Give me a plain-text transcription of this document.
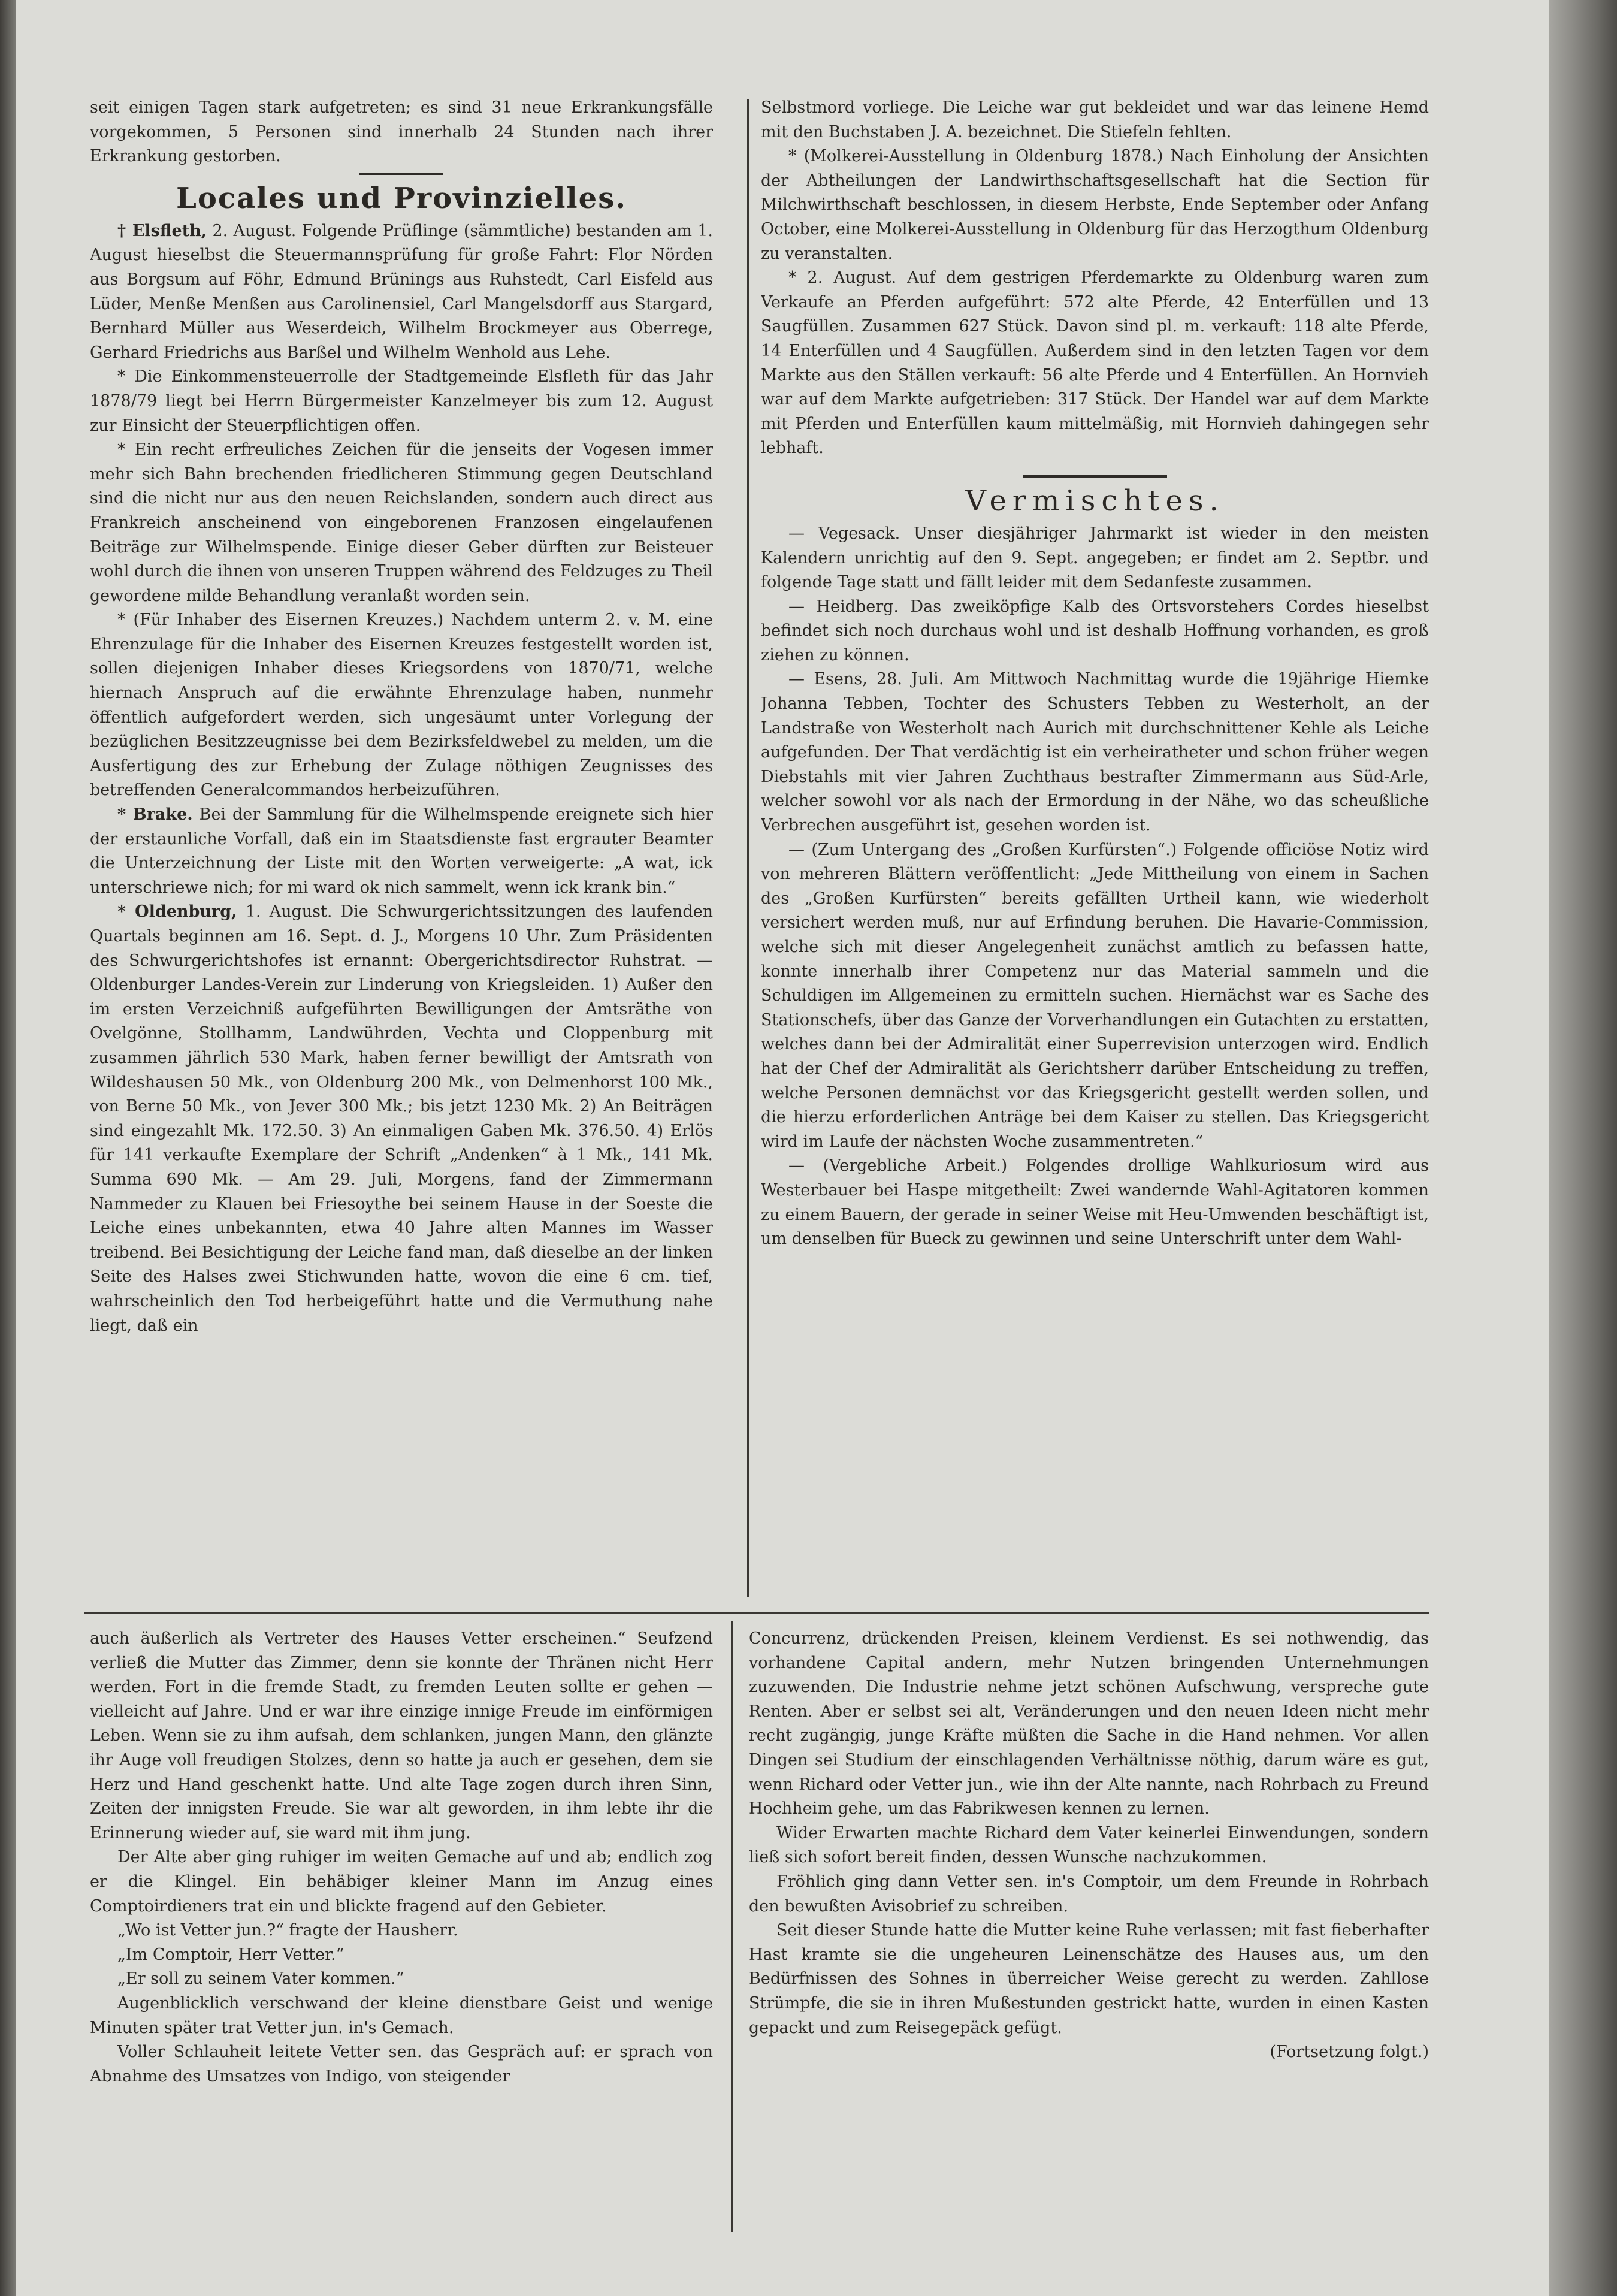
seit einigen Tagen stark aufgetreten; es sind 31 neue Erkrankungsfälle vorgekommen, 5 Personen sind innerhalb 24 Stunden nach ihrer Erkrankung gestorben.

Locales und Provinzielles.

† Elsfleth, 2. August. Folgende Prüflinge (sämmtliche) bestanden am 1. August hieselbst die Steuermannsprüfung für große Fahrt: Flor Nörden aus Borgsum auf Föhr, Edmund Brünings aus Ruhstedt, Carl Eisfeld aus Lüder, Menße Menßen aus Carolinensiel, Carl Mangelsdorff aus Stargard, Bernhard Müller aus Weserdeich, Wilhelm Brockmeyer aus Oberrege, Gerhard Friedrichs aus Barßel und Wilhelm Wenhold aus Lehe.

* Die Einkommensteuerrolle der Stadtgemeinde Elsfleth für das Jahr 1878/79 liegt bei Herrn Bürgermeister Kanzelmeyer bis zum 12. August zur Einsicht der Steuerpflichtigen offen.

* Ein recht erfreuliches Zeichen für die jenseits der Vogesen immer mehr sich Bahn brechenden friedlicheren Stimmung gegen Deutschland sind die nicht nur aus den neuen Reichslanden, sondern auch direct aus Frankreich anscheinend von eingeborenen Franzosen eingelaufenen Beiträge zur Wilhelmspende. Einige dieser Geber dürften zur Beisteuer wohl durch die ihnen von unseren Truppen während des Feldzuges zu Theil gewordene milde Behandlung veranlaßt worden sein.

* (Für Inhaber des Eisernen Kreuzes.) Nachdem unterm 2. v. M. eine Ehrenzulage für die Inhaber des Eisernen Kreuzes festgestellt worden ist, sollen diejenigen Inhaber dieses Kriegsordens von 1870/71, welche hiernach Anspruch auf die erwähnte Ehrenzulage haben, nunmehr öffentlich aufgefordert werden, sich ungesäumt unter Vorlegung der bezüglichen Besitzzeugnisse bei dem Bezirksfeldwebel zu melden, um die Ausfertigung des zur Erhebung der Zulage nöthigen Zeugnisses des betreffenden Generalcommandos herbeizuführen.

* Brake. Bei der Sammlung für die Wilhelmspende ereignete sich hier der erstaunliche Vorfall, daß ein im Staatsdienste fast ergrauter Beamter die Unterzeichnung der Liste mit den Worten verweigerte: „A wat, ick unterschriewe nich; for mi ward ok nich sammelt, wenn ick krank bin.“

* Oldenburg, 1. August. Die Schwurgerichtssitzungen des laufenden Quartals beginnen am 16. Sept. d. J., Morgens 10 Uhr. Zum Präsidenten des Schwurgerichtshofes ist ernannt: Obergerichtsdirector Ruhstrat. — Oldenburger Landes-Verein zur Linderung von Kriegsleiden. 1) Außer den im ersten Verzeichniß aufgeführten Bewilligungen der Amtsräthe von Ovelgönne, Stollhamm, Landwührden, Vechta und Cloppenburg mit zusammen jährlich 530 Mark, haben ferner bewilligt der Amtsrath von Wildeshausen 50 Mk., von Oldenburg 200 Mk., von Delmenhorst 100 Mk., von Berne 50 Mk., von Jever 300 Mk.; bis jetzt 1230 Mk. 2) An Beiträgen sind eingezahlt Mk. 172.50. 3) An einmaligen Gaben Mk. 376.50. 4) Erlös für 141 verkaufte Exemplare der Schrift „Andenken“ à 1 Mk., 141 Mk. Summa 690 Mk. — Am 29. Juli, Morgens, fand der Zimmermann Nammeder zu Klauen bei Friesoythe bei seinem Hause in der Soeste die Leiche eines unbekannten, etwa 40 Jahre alten Mannes im Wasser treibend. Bei Besichtigung der Leiche fand man, daß dieselbe an der linken Seite des Halses zwei Stichwunden hatte, wovon die eine 6 cm. tief, wahrscheinlich den Tod herbeigeführt hatte und die Vermuthung nahe liegt, daß ein

Selbstmord vorliege. Die Leiche war gut bekleidet und war das leinene Hemd mit den Buchstaben J. A. bezeichnet. Die Stiefeln fehlten.

* (Molkerei-Ausstellung in Oldenburg 1878.) Nach Einholung der Ansichten der Abtheilungen der Landwirthschaftsgesellschaft hat die Section für Milchwirthschaft beschlossen, in diesem Herbste, Ende September oder Anfang October, eine Molkerei-Ausstellung in Oldenburg für das Herzogthum Oldenburg zu veranstalten.

* 2. August. Auf dem gestrigen Pferdemarkte zu Oldenburg waren zum Verkaufe an Pferden aufgeführt: 572 alte Pferde, 42 Enterfüllen und 13 Saugfüllen. Zusammen 627 Stück. Davon sind pl. m. verkauft: 118 alte Pferde, 14 Enterfüllen und 4 Saugfüllen. Außerdem sind in den letzten Tagen vor dem Markte aus den Ställen verkauft: 56 alte Pferde und 4 Enterfüllen. An Hornvieh war auf dem Markte aufgetrieben: 317 Stück. Der Handel war auf dem Markte mit Pferden und Enterfüllen kaum mittelmäßig, mit Hornvieh dahingegen sehr lebhaft.

Vermischtes.

— Vegesack. Unser diesjähriger Jahrmarkt ist wieder in den meisten Kalendern unrichtig auf den 9. Sept. angegeben; er findet am 2. Septbr. und folgende Tage statt und fällt leider mit dem Sedanfeste zusammen.

— Heidberg. Das zweiköpfige Kalb des Ortsvorstehers Cordes hieselbst befindet sich noch durchaus wohl und ist deshalb Hoffnung vorhanden, es groß ziehen zu können.

— Esens, 28. Juli. Am Mittwoch Nachmittag wurde die 19jährige Hiemke Johanna Tebben, Tochter des Schusters Tebben zu Westerholt, an der Landstraße von Westerholt nach Aurich mit durchschnittener Kehle als Leiche aufgefunden. Der That verdächtig ist ein verheiratheter und schon früher wegen Diebstahls mit vier Jahren Zuchthaus bestrafter Zimmermann aus Süd-Arle, welcher sowohl vor als nach der Ermordung in der Nähe, wo das scheußliche Verbrechen ausgeführt ist, gesehen worden ist.

— (Zum Untergang des „Großen Kurfürsten“.) Folgende officiöse Notiz wird von mehreren Blättern veröffentlicht: „Jede Mittheilung von einem in Sachen des „Großen Kurfürsten“ bereits gefällten Urtheil kann, wie wiederholt versichert werden muß, nur auf Erfindung beruhen. Die Havarie-Commission, welche sich mit dieser Angelegenheit zunächst amtlich zu befassen hatte, konnte innerhalb ihrer Competenz nur das Material sammeln und die Schuldigen im Allgemeinen zu ermitteln suchen. Hiernächst war es Sache des Stationschefs, über das Ganze der Vorverhandlungen ein Gutachten zu erstatten, welches dann bei der Admiralität einer Superrevision unterzogen wird. Endlich hat der Chef der Admiralität als Gerichtsherr darüber Entscheidung zu treffen, welche Personen demnächst vor das Kriegsgericht gestellt werden sollen, und die hierzu erforderlichen Anträge bei dem Kaiser zu stellen. Das Kriegsgericht wird im Laufe der nächsten Woche zusammentreten.“

— (Vergebliche Arbeit.) Folgendes drollige Wahlkuriosum wird aus Westerbauer bei Haspe mitgetheilt: Zwei wandernde Wahl-Agitatoren kommen zu einem Bauern, der gerade in seiner Weise mit Heu-Umwenden beschäftigt ist, um denselben für Bueck zu gewinnen und seine Unterschrift unter dem Wahl-

auch äußerlich als Vertreter des Hauses Vetter erscheinen.“ Seufzend verließ die Mutter das Zimmer, denn sie konnte der Thränen nicht Herr werden. Fort in die fremde Stadt, zu fremden Leuten sollte er gehen — vielleicht auf Jahre. Und er war ihre einzige innige Freude im einförmigen Leben. Wenn sie zu ihm aufsah, dem schlanken, jungen Mann, den glänzte ihr Auge voll freudigen Stolzes, denn so hatte ja auch er gesehen, dem sie Herz und Hand geschenkt hatte. Und alte Tage zogen durch ihren Sinn, Zeiten der innigsten Freude. Sie war alt geworden, in ihm lebte ihr die Erinnerung wieder auf, sie ward mit ihm jung.

Der Alte aber ging ruhiger im weiten Gemache auf und ab; endlich zog er die Klingel. Ein behäbiger kleiner Mann im Anzug eines Comptoirdieners trat ein und blickte fragend auf den Gebieter.

„Wo ist Vetter jun.?“ fragte der Hausherr.

„Im Comptoir, Herr Vetter.“

„Er soll zu seinem Vater kommen.“

Augenblicklich verschwand der kleine dienstbare Geist und wenige Minuten später trat Vetter jun. in's Gemach.

Voller Schlauheit leitete Vetter sen. das Gespräch auf: er sprach von Abnahme des Umsatzes von Indigo, von steigender

Concurrenz, drückenden Preisen, kleinem Verdienst. Es sei nothwendig, das vorhandene Capital andern, mehr Nutzen bringenden Unternehmungen zuzuwenden. Die Industrie nehme jetzt schönen Aufschwung, verspreche gute Renten. Aber er selbst sei alt, Veränderungen und den neuen Ideen nicht mehr recht zugängig, junge Kräfte müßten die Sache in die Hand nehmen. Vor allen Dingen sei Studium der einschlagenden Verhältnisse nöthig, darum wäre es gut, wenn Richard oder Vetter jun., wie ihn der Alte nannte, nach Rohrbach zu Freund Hochheim gehe, um das Fabrikwesen kennen zu lernen.

Wider Erwarten machte Richard dem Vater keinerlei Einwendungen, sondern ließ sich sofort bereit finden, dessen Wunsche nachzukommen.

Fröhlich ging dann Vetter sen. in's Comptoir, um dem Freunde in Rohrbach den bewußten Avisobrief zu schreiben.

Seit dieser Stunde hatte die Mutter keine Ruhe verlassen; mit fast fieberhafter Hast kramte sie die ungeheuren Leinenschätze des Hauses aus, um den Bedürfnissen des Sohnes in überreicher Weise gerecht zu werden. Zahllose Strümpfe, die sie in ihren Mußestunden gestrickt hatte, wurden in einen Kasten gepackt und zum Reisegepäck gefügt.

(Fortsetzung folgt.)
